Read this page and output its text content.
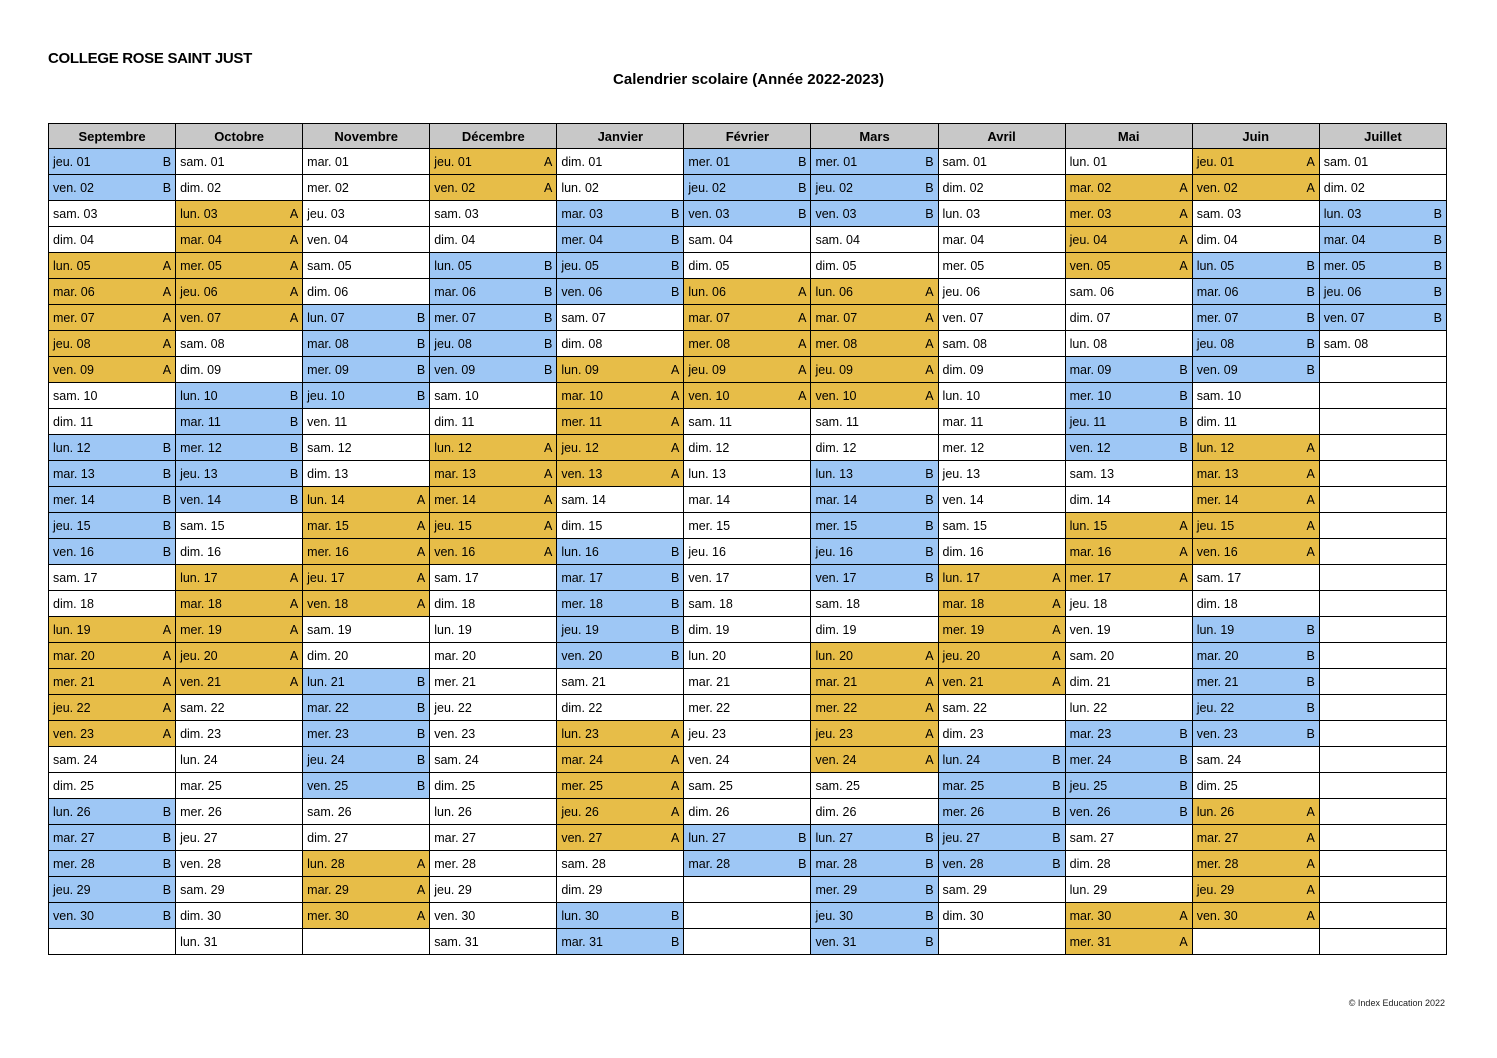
COLLEGE ROSE SAINT JUST
Calendrier scolaire (Année 2022-2023)
Septembre	Octobre	Novembre	Décembre	Janvier	Février	Mars	Avril	Mai	Juin	Juillet

jeu. 01 B	sam. 01	mar. 01	jeu. 01 A	dim. 01	mer. 01 B	mer. 01 B	sam. 01	lun. 01	jeu. 01 A	sam. 01

ven. 02 B	dim. 02	mer. 02	ven. 02 A	lun. 02	jeu. 02 B	jeu. 02 B	dim. 02	mar. 02 A	ven. 02 A	dim. 02

sam. 03	lun. 03 A	jeu. 03	sam. 03	mar. 03 B	ven. 03 B	ven. 03 B	lun. 03	mer. 03 A	sam. 03	lun. 03 B

dim. 04	mar. 04 A	ven. 04	dim. 04	mer. 04 B	sam. 04	sam. 04	mar. 04	jeu. 04 A	dim. 04	mar. 04 B

lun. 05 A	mer. 05 A	sam. 05	lun. 05 B	jeu. 05 B	dim. 05	dim. 05	mer. 05	ven. 05 A	lun. 05 B	mer. 05 B

mar. 06 A	jeu. 06 A	dim. 06	mar. 06 B	ven. 06 B	lun. 06 A	lun. 06 A	jeu. 06	sam. 06	mar. 06 B	jeu. 06 B

mer. 07 A	ven. 07 A	lun. 07 B	mer. 07 B	sam. 07	mar. 07 A	mar. 07 A	ven. 07	dim. 07	mer. 07 B	ven. 07 B

jeu. 08 A	sam. 08	mar. 08 B	jeu. 08 B	dim. 08	mer. 08 A	mer. 08 A	sam. 08	lun. 08	jeu. 08 B	sam. 08

ven. 09 A	dim. 09	mer. 09 B	ven. 09 B	lun. 09 A	jeu. 09 A	jeu. 09 A	dim. 09	mar. 09 B	ven. 09 B	

sam. 10	lun. 10 B	jeu. 10 B	sam. 10	mar. 10 A	ven. 10 A	ven. 10 A	lun. 10	mer. 10 B	sam. 10	

dim. 11	mar. 11 B	ven. 11	dim. 11	mer. 11 A	sam. 11	sam. 11	mar. 11	jeu. 11 B	dim. 11	

lun. 12 B	mer. 12 B	sam. 12	lun. 12 A	jeu. 12 A	dim. 12	dim. 12	mer. 12	ven. 12 B	lun. 12 A	

mar. 13 B	jeu. 13 B	dim. 13	mar. 13 A	ven. 13 A	lun. 13	lun. 13 B	jeu. 13	sam. 13	mar. 13 A	

mer. 14 B	ven. 14 B	lun. 14 A	mer. 14 A	sam. 14	mar. 14	mar. 14 B	ven. 14	dim. 14	mer. 14 A	

jeu. 15 B	sam. 15	mar. 15 A	jeu. 15 A	dim. 15	mer. 15	mer. 15 B	sam. 15	lun. 15 A	jeu. 15 A	

ven. 16 B	dim. 16	mer. 16 A	ven. 16 A	lun. 16 B	jeu. 16	jeu. 16 B	dim. 16	mar. 16 A	ven. 16 A	

sam. 17	lun. 17 A	jeu. 17 A	sam. 17	mar. 17 B	ven. 17	ven. 17 B	lun. 17 A	mer. 17 A	sam. 17	

dim. 18	mar. 18 A	ven. 18 A	dim. 18	mer. 18 B	sam. 18	sam. 18	mar. 18 A	jeu. 18	dim. 18	

lun. 19 A	mer. 19 A	sam. 19	lun. 19	jeu. 19 B	dim. 19	dim. 19	mer. 19 A	ven. 19	lun. 19 B	

mar. 20 A	jeu. 20 A	dim. 20	mar. 20	ven. 20 B	lun. 20	lun. 20 A	jeu. 20 A	sam. 20	mar. 20 B	

mer. 21 A	ven. 21 A	lun. 21 B	mer. 21	sam. 21	mar. 21	mar. 21 A	ven. 21 A	dim. 21	mer. 21 B	

jeu. 22 A	sam. 22	mar. 22 B	jeu. 22	dim. 22	mer. 22	mer. 22 A	sam. 22	lun. 22	jeu. 22 B	

ven. 23 A	dim. 23	mer. 23 B	ven. 23	lun. 23 A	jeu. 23	jeu. 23 A	dim. 23	mar. 23 B	ven. 23 B	

sam. 24	lun. 24	jeu. 24 B	sam. 24	mar. 24 A	ven. 24	ven. 24 A	lun. 24 B	mer. 24 B	sam. 24	

dim. 25	mar. 25	ven. 25 B	dim. 25	mer. 25 A	sam. 25	sam. 25	mar. 25 B	jeu. 25 B	dim. 25	

lun. 26 B	mer. 26	sam. 26	lun. 26	jeu. 26 A	dim. 26	dim. 26	mer. 26 B	ven. 26 B	lun. 26 A	

mar. 27 B	jeu. 27	dim. 27	mar. 27	ven. 27 A	lun. 27 B	lun. 27 B	jeu. 27 B	sam. 27	mar. 27 A	

mer. 28 B	ven. 28	lun. 28 A	mer. 28	sam. 28	mar. 28 B	mar. 28 B	ven. 28 B	dim. 28	mer. 28 A	

jeu. 29 B	sam. 29	mar. 29 A	jeu. 29	dim. 29		mer. 29 B	sam. 29	lun. 29	jeu. 29 A	

ven. 30 B	dim. 30	mer. 30 A	ven. 30	lun. 30 B		jeu. 30 B	dim. 30	mar. 30 A	ven. 30 A	

	lun. 31		sam. 31	mar. 31 B		ven. 31 B		mer. 31 A		

© Index Education 2022
